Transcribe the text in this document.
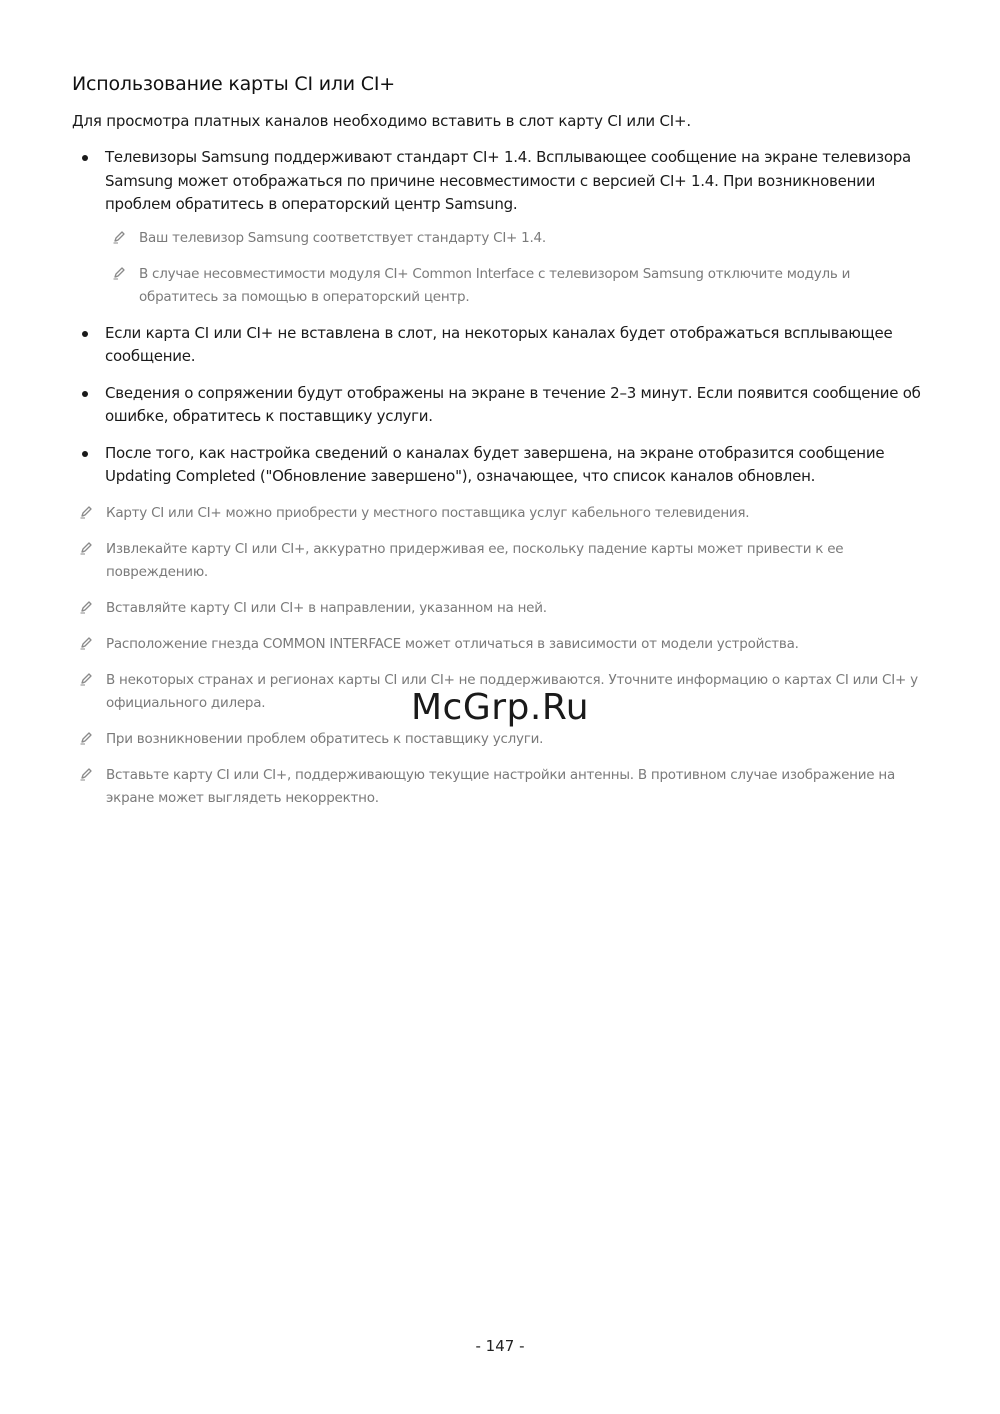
Использование карты CI или CI+

Для просмотра платных каналов необходимо вставить в слот карту CI или CI+.

Телевизоры Samsung поддерживают стандарт CI+ 1.4. Всплывающее сообщение на экране телевизора Samsung может отображаться по причине несовместимости с версией CI+ 1.4. При возникновении проблем обратитесь в операторский центр Samsung.
Ваш телевизор Samsung соответствует стандарту CI+ 1.4.
В случае несовместимости модуля CI+ Common Interface с телевизором Samsung отключите модуль и обратитесь за помощью в операторский центр.
Если карта CI или CI+ не вставлена в слот, на некоторых каналах будет отображаться всплывающее сообщение.
Сведения о сопряжении будут отображены на экране в течение 2–3 минут. Если появится сообщение об ошибке, обратитесь к поставщику услуги.
После того, как настройка сведений о каналах будет завершена, на экране отобразится сообщение Updating Completed ("Обновление завершено"), означающее, что список каналов обновлен.
Карту CI или CI+ можно приобрести у местного поставщика услуг кабельного телевидения.
Извлекайте карту CI или CI+, аккуратно придерживая ее, поскольку падение карты может привести к ее повреждению.
Вставляйте карту CI или CI+ в направлении, указанном на ней.
Расположение гнезда COMMON INTERFACE может отличаться в зависимости от модели устройства.
В некоторых странах и регионах карты CI или CI+ не поддерживаются. Уточните информацию о картах CI или CI+ у официального дилера.
При возникновении проблем обратитесь к поставщику услуги.
Вставьте карту CI или CI+, поддерживающую текущие настройки антенны. В противном случае изображение на экране может выглядеть некорректно.
McGrp.Ru
- 147 -
